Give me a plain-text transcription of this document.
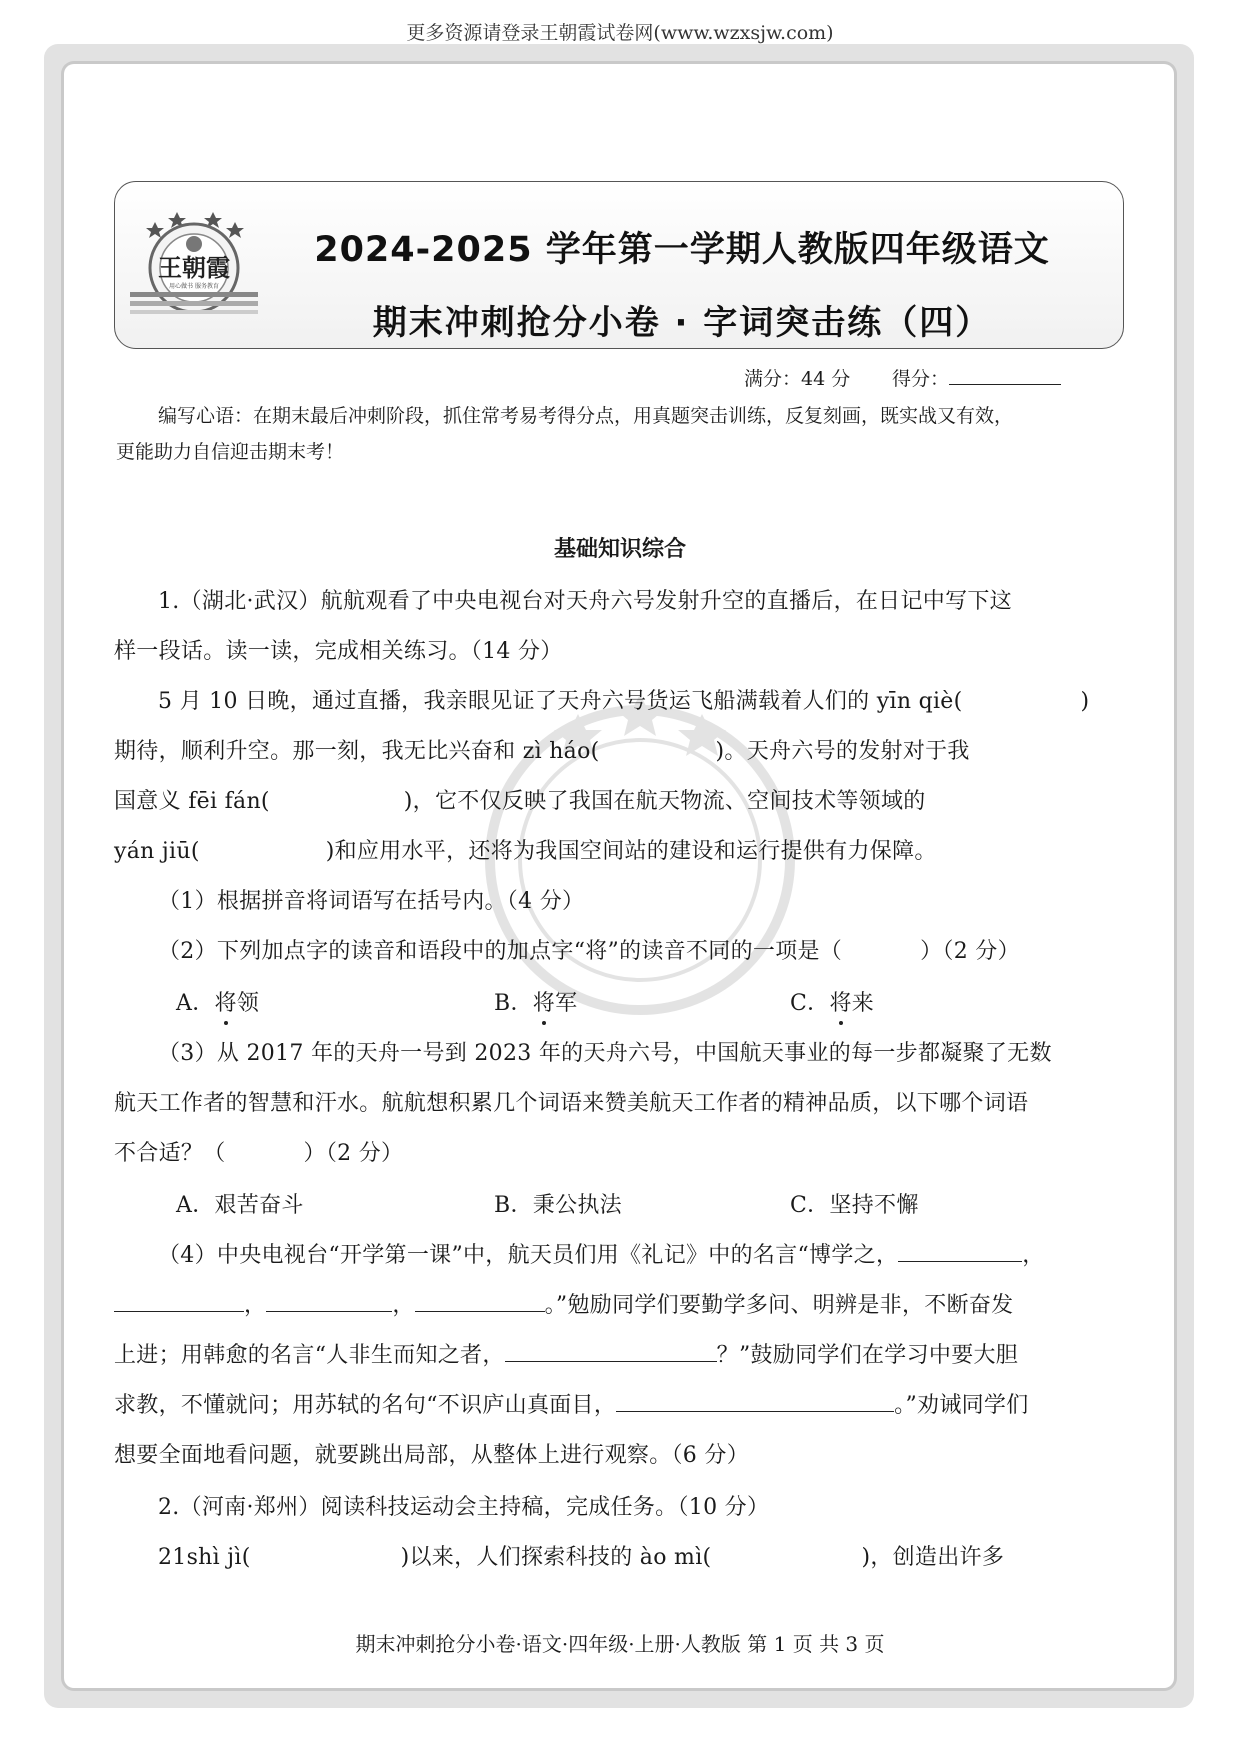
更多资源请登录王朝霞试卷网(www.wzxsjw.com)
王朝霞
用心做书 服务教育
2024-2025 学年第一学期人教版四年级语文
期末冲刺抢分小卷 · 字词突击练（四）
满分：44 分 得分：
编写心语：在期末最后冲刺阶段，抓住常考易考得分点，用真题突击训练，反复刻画，既实战又有效，
更能助力自信迎击期末考！
基础知识综合
1.（湖北·武汉）航航观看了中央电视台对天舟六号发射升空的直播后，在日记中写下这
样一段话。读一读，完成相关练习。（14 分）
5 月 10 日晚，通过直播，我亲眼见证了天舟六号货运飞船满载着人们的 yīn qiè(	)
期待，顺利升空。那一刻，我无比兴奋和 zì háo(	)。天舟六号的发射对于我
国意义 fēi fán(	)，它不仅反映了我国在航天物流、空间技术等领域的
yán jiū(	)和应用水平，还将为我国空间站的建设和运行提供有力保障。
（1）根据拼音将词语写在括号内。（4 分）
（2）下列加点字的读音和语段中的加点字“将”的读音不同的一项是（	）（2 分）
A．将领	B．将军	C．将来
（3）从 2017 年的天舟一号到 2023 年的天舟六号，中国航天事业的每一步都凝聚了无数
航天工作者的智慧和汗水。航航想积累几个词语来赞美航天工作者的精神品质，以下哪个词语
不合适？（	）（2 分）
A．艰苦奋斗	B．秉公执法	C．坚持不懈
（4）中央电视台“开学第一课”中，航天员们用《礼记》中的名言“博学之，	，
，	，	。”勉励同学们要勤学多问、明辨是非，不断奋发
上进；用韩愈的名言“人非生而知之者，	？”鼓励同学们在学习中要大胆
求教，不懂就问；用苏轼的名句“不识庐山真面目，	。”劝诫同学们
想要全面地看问题，就要跳出局部，从整体上进行观察。（6 分）
2.（河南·郑州）阅读科技运动会主持稿，完成任务。（10 分）
21shì jì(	)以来，人们探索科技的 ào mì(	)，创造出许多
期末冲刺抢分小卷·语文·四年级·上册·人教版 第 1 页 共 3 页
